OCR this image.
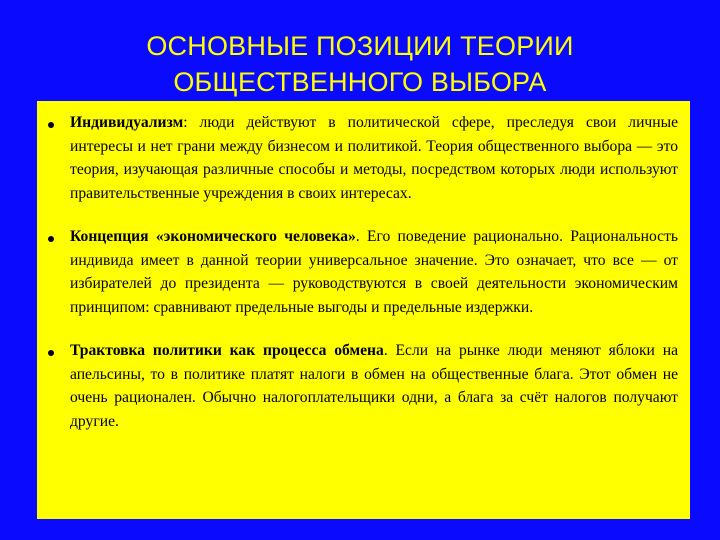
ОСНОВНЫЕ ПОЗИЦИИ ТЕОРИИ
ОБЩЕСТВЕННОГО ВЫБОРА
Индивидуализм: люди действуют в политической сфере, преследуя свои личные интересы и нет грани между бизнесом и политикой. Теория общественного выбора — это теория, изучающая различные способы и методы, посредством которых люди используют правительственные учреждения в своих интересах.
Концепция «экономического человека». Его поведение рационально. Рациональность индивида имеет в данной теории универсальное значение. Это означает, что все — от избирателей до президента — руководствуются в своей деятельности экономическим принципом: сравнивают предельные выгоды и предельные издержки.
Трактовка политики как процесса обмена. Если на рынке люди меняют яблоки на апельсины, то в политике платят налоги в обмен на общественные блага. Этот обмен не очень рационален. Обычно налогоплательщики одни, а блага за счёт налогов получают другие.
